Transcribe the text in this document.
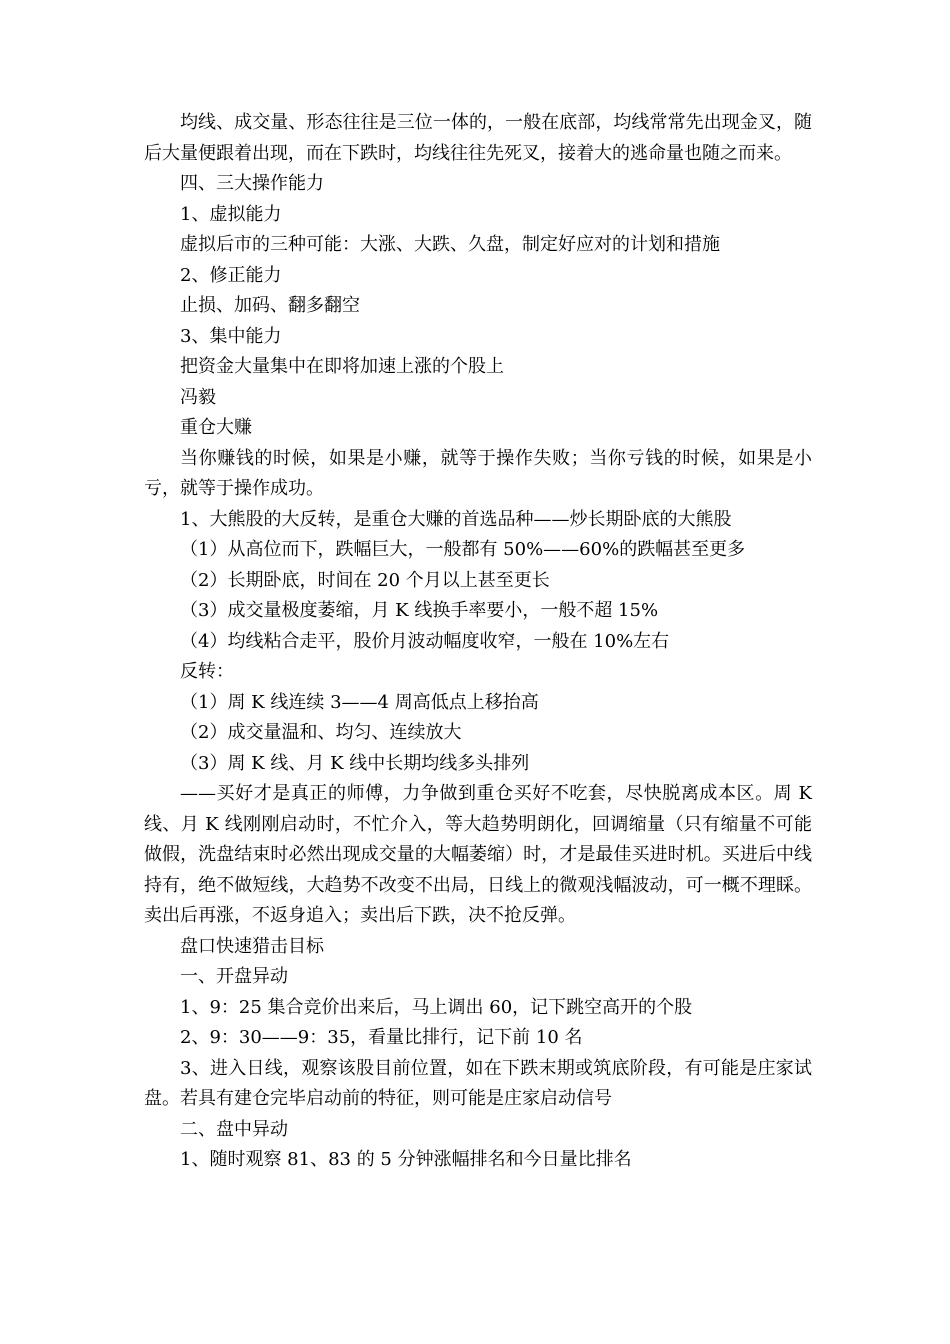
均线、成交量、形态往往是三位一体的，一般在底部，均线常常先出现金叉，随后大量便跟着出现，而在下跌时，均线往往先死叉，接着大的逃命量也随之而来。

四、三大操作能力

1、虚拟能力

虚拟后市的三种可能：大涨、大跌、久盘，制定好应对的计划和措施

2、修正能力

止损、加码、翻多翻空

3、集中能力

把资金大量集中在即将加速上涨的个股上

冯毅

重仓大赚

当你赚钱的时候，如果是小赚，就等于操作失败；当你亏钱的时候，如果是小亏，就等于操作成功。

1、大熊股的大反转，是重仓大赚的首选品种——炒长期卧底的大熊股

（1）从高位而下，跌幅巨大，一般都有 50%——60%的跌幅甚至更多

（2）长期卧底，时间在 20 个月以上甚至更长

（3）成交量极度萎缩，月 K 线换手率要小，一般不超 15%

（4）均线粘合走平，股价月波动幅度收窄，一般在 10%左右

反转：

（1）周 K 线连续 3——4 周高低点上移抬高

（2）成交量温和、均匀、连续放大

（3）周 K 线、月 K 线中长期均线多头排列

——买好才是真正的师傅，力争做到重仓买好不吃套，尽快脱离成本区。周 K 线、月 K 线刚刚启动时，不忙介入，等大趋势明朗化，回调缩量（只有缩量不可能做假，洗盘结束时必然出现成交量的大幅萎缩）时，才是最佳买进时机。买进后中线持有，绝不做短线，大趋势不改变不出局，日线上的微观浅幅波动，可一概不理睬。卖出后再涨，不返身追入；卖出后下跌，决不抢反弹。

盘口快速猎击目标

一、开盘异动

1、9：25 集合竞价出来后，马上调出 60，记下跳空高开的个股

2、9：30——9：35，看量比排行，记下前 10 名

3、进入日线，观察该股目前位置，如在下跌末期或筑底阶段，有可能是庄家试盘。若具有建仓完毕启动前的特征，则可能是庄家启动信号

二、盘中异动

1、随时观察 81、83 的 5 分钟涨幅排名和今日量比排名
